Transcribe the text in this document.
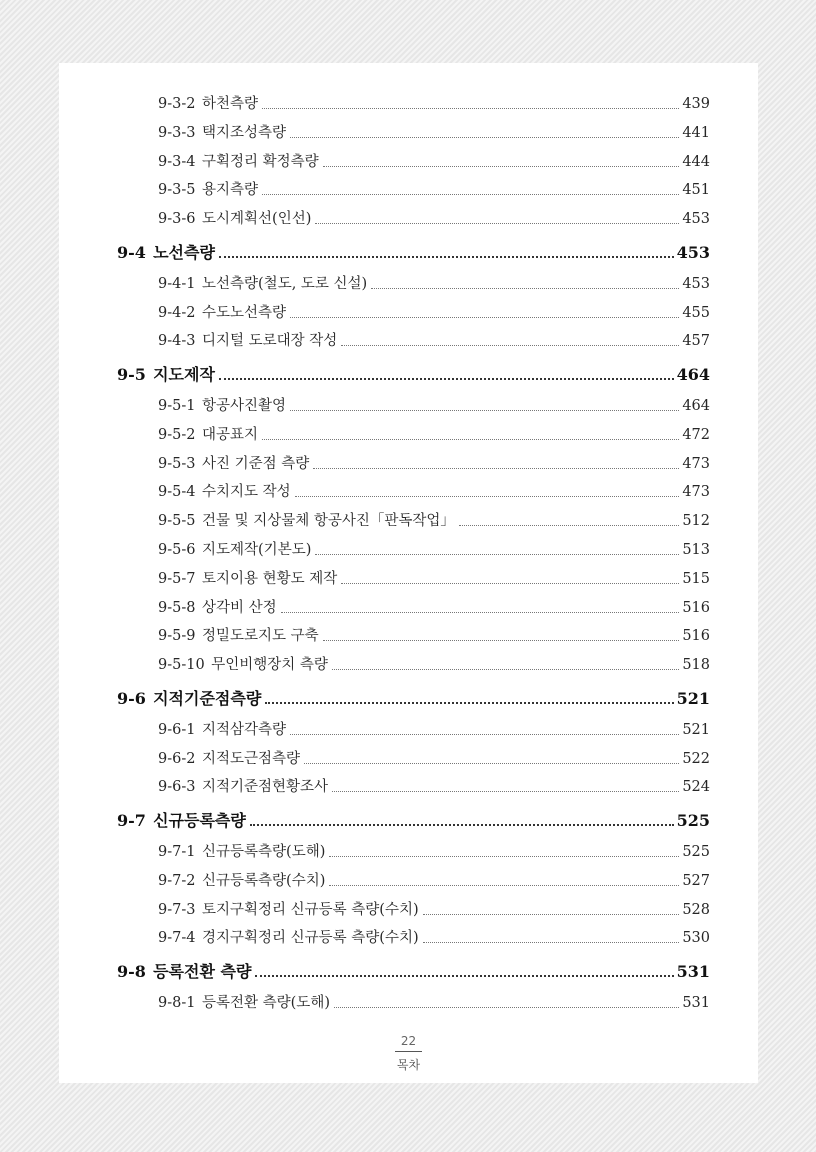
9-3-2 하천측량	439
9-3-3 택지조성측량	441
9-3-4 구획정리 확정측량	444
9-3-5 용지측량	451
9-3-6 도시계획선(인선)	453
9-4 노선측량	453
9-4-1 노선측량(철도, 도로 신설)	453
9-4-2 수도노선측량	455
9-4-3 디지털 도로대장 작성	457
9-5 지도제작	464
9-5-1 항공사진촬영	464
9-5-2 대공표지	472
9-5-3 사진 기준점 측량	473
9-5-4 수치지도 작성	473
9-5-5 건물 및 지상물체 항공사진「판독작업」	512
9-5-6 지도제작(기본도)	513
9-5-7 토지이용 현황도 제작	515
9-5-8 상각비 산정	516
9-5-9 정밀도로지도 구축	516
9-5-10 무인비행장치 측량	518
9-6 지적기준점측량	521
9-6-1 지적삼각측량	521
9-6-2 지적도근점측량	522
9-6-3 지적기준점현황조사	524
9-7 신규등록측량	525
9-7-1 신규등록측량(도해)	525
9-7-2 신규등록측량(수치)	527
9-7-3 토지구획정리 신규등록 측량(수치)	528
9-7-4 경지구획정리 신규등록 측량(수치)	530
9-8 등록전환 측량	531
9-8-1 등록전환 측량(도해)	531
22
목차
